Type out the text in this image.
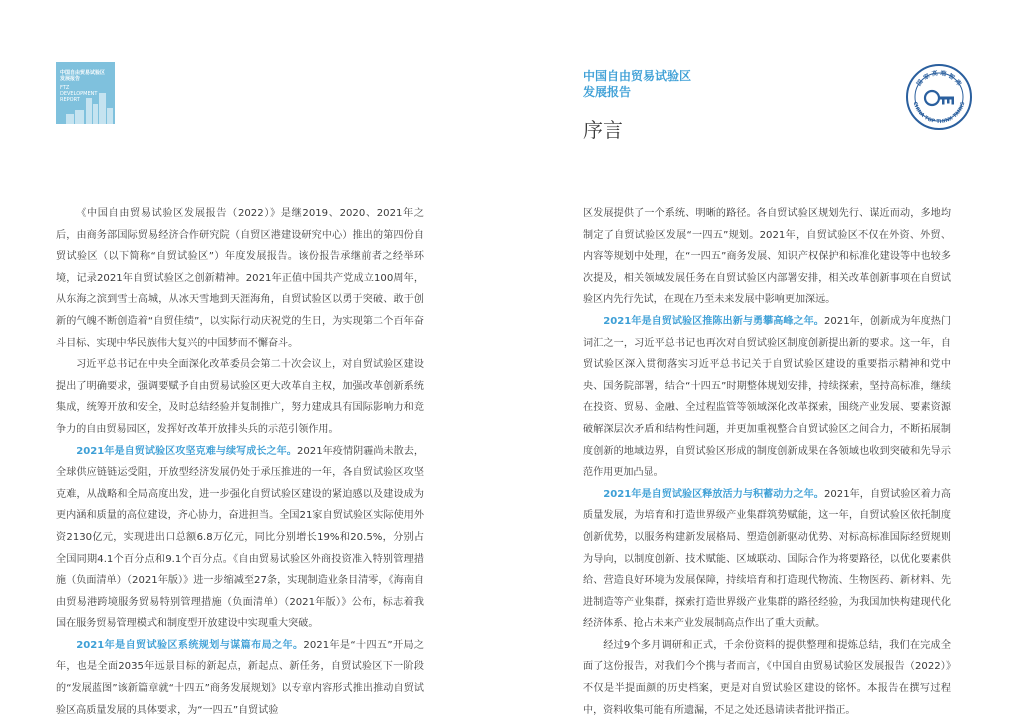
中国自由贸易试验区
发展报告
FTZ
DEVELOPMENT
REPORT
中国自由贸易试验区
发展报告
序言
国 家 高 端 智 库
CHINA TOP THINK TANKS

《中国自由贸易试验区发展报告（2022）》是继2019、2020、2021年之后，由商务部国际贸易经济合作研究院（自贸区港建设研究中心）推出的第四份自贸试验区（以下简称“自贸试验区”）年度发展报告。该份报告承继前者之经举环境，记录2021年自贸试验区之创新精神。2021年正值中国共产党成立100周年，从东海之滨到雪士高城，从冰天雪地到天涯海角，自贸试验区以勇于突破、敢于创新的气魄不断创造着“自贸佳绩”，以实际行动庆祝党的生日，为实现第二个百年奋斗目标、实现中华民族伟大复兴的中国梦而不懈奋斗。

习近平总书记在中央全面深化改革委员会第二十次会议上，对自贸试验区建设提出了明确要求，强调要赋予自由贸易试验区更大改革自主权，加强改革创新系统集成，统筹开放和安全，及时总结经验并复制推广，努力建成具有国际影响力和竞争力的自由贸易园区，发挥好改革开放排头兵的示范引领作用。

2021年是自贸试验区攻坚克难与续写成长之年。2021年疫情阴霾尚未散去，全球供应链链运受阻，开放型经济发展仍处于承压推进的一年，各自贸试验区攻坚克难，从战略和全局高度出发，进一步强化自贸试验区建设的紧迫感以及建设成为更内涵和质量的高位建设，齐心协力，奋进担当。全国21家自贸试验区实际使用外资2130亿元，实现进出口总额6.8万亿元，同比分别增长19%和20.5%，分别占全国同期4.1个百分点和9.1个百分点。《自由贸易试验区外商投资准入特别管理措施（负面清单）（2021年版）》进一步缩减至27条，实现制造业条目清零，《海南自由贸易港跨境服务贸易特别管理措施（负面清单）（2021年版）》公布，标志着我国在服务贸易管理模式和制度型开放建设中实现重大突破。

2021年是自贸试验区系统规划与谋篇布局之年。2021年是“十四五”开局之年，也是全面2035年远景目标的新起点，新起点、新任务，自贸试验区下一阶段的“发展蓝图”该新篇章就“十四五”商务发展规划》以专章内容形式推出推动自贸试验区高质量发展的具体要求，为“一四五”自贸试验

区发展提供了一个系统、明晰的路径。各自贸试验区规划先行、谋近而动，多地均制定了自贸试验区发展“一四五”规划。2021年，自贸试验区不仅在外资、外贸、内容等规划中处理，在“一四五”商务发展、知识产权保护和标准化建设等中也较多次提及，相关领域发展任务在自贸试验区内部署安排，相关改革创新事项在自贸试验区内先行先试，在现在乃至未来发展中影响更加深远。

2021年是自贸试验区推陈出新与勇攀高峰之年。2021年，创新成为年度热门词汇之一，习近平总书记也再次对自贸试验区制度创新提出新的要求。这一年，自贸试验区深入贯彻落实习近平总书记关于自贸试验区建设的重要指示精神和党中央、国务院部署，结合“十四五”时期整体规划安排，持续探索，坚持高标准，继续在投资、贸易、金融、全过程监管等领域深化改革探索，围绕产业发展、要素资源破解深层次矛盾和结构性问题，并更加重视整合自贸试验区之间合力，不断拓展制度创新的地域边界，自贸试验区形成的制度创新成果在各领域也收到突破和先导示范作用更加凸显。

2021年是自贸试验区释放活力与积蓄动力之年。2021年，自贸试验区着力高质量发展，为培育和打造世界级产业集群筑势赋能，这一年，自贸试验区依托制度创新优势，以服务构建新发展格局、塑造创新驱动优势、对标高标准国际经贸规则为导向，以制度创新、技术赋能、区域联动、国际合作为将要路径，以优化要素供给、营造良好环境为发展保障，持续培育和打造现代物流、生物医药、新材料、先进制造等产业集群，探索打造世界级产业集群的路径经验，为我国加快构建现代化经济体系、抢占未来产业发展制高点作出了重大贡献。

经过9个多月调研和正式，千余份资料的提供整理和提炼总结，我们在完成全面了这份报告，对我们今个携与者而言，《中国自由贸易试验区发展报告（2022）》不仅是半提面颜的历史档案，更是对自贸试验区建设的铭怀。本报告在撰写过程中，资料收集可能有所遗漏，不足之处还恳请读者批评指正。
